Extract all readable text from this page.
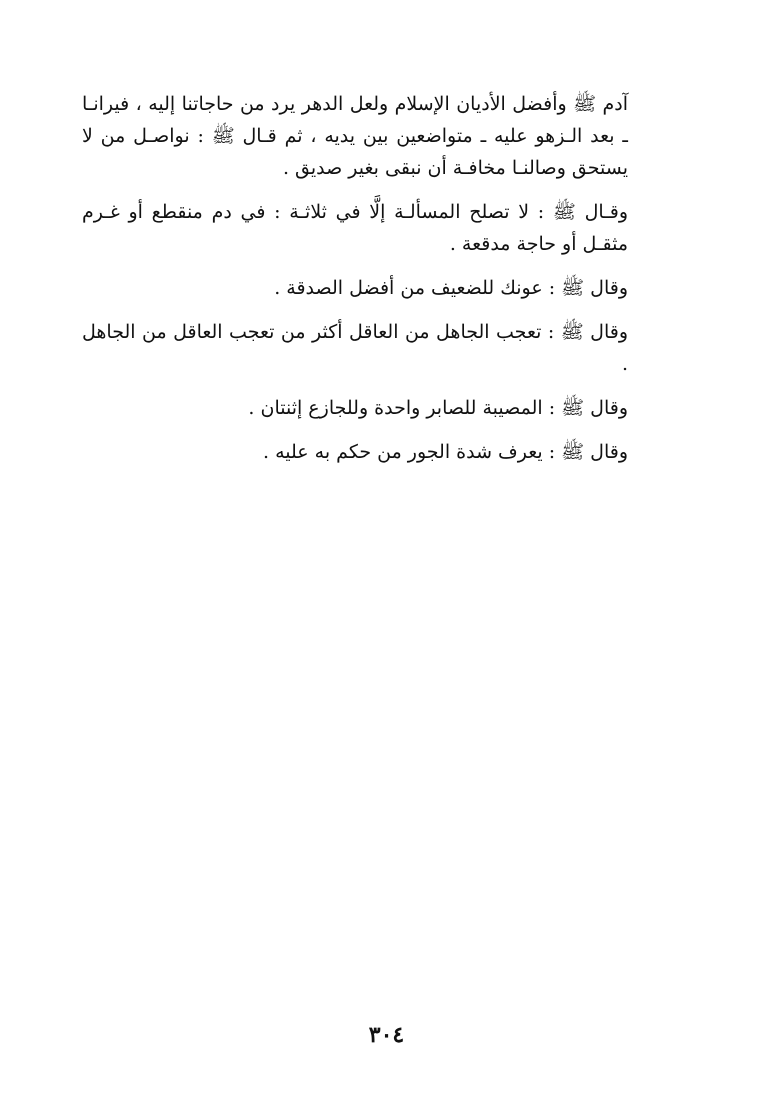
آدم ﷺ وأفضل الأديان الإسلام ولعل الدهر يرد من حاجاتنا إليه ، فيرانـا ـ بعد الـزهو عليه ـ متواضعين بين يديه ، ثم قـال ﷺ : نواصـل من لا يستحق وصالنـا مخافـة أن نبقى بغير صديق .

وقـال ﷺ : لا تصلح المسألـة إلَّا في ثلاثـة : في دم منقطع أو غـرم مثقـل أو حاجة مدقعة .

وقال ﷺ : عونك للضعيف من أفضل الصدقة .

وقال ﷺ : تعجب الجاهل من العاقل أكثر من تعجب العاقل من الجاهل .

وقال ﷺ : المصيبة للصابر واحدة وللجازع إثنتان .

وقال ﷺ : يعرف شدة الجور من حكم به عليه .

٣٠٤
